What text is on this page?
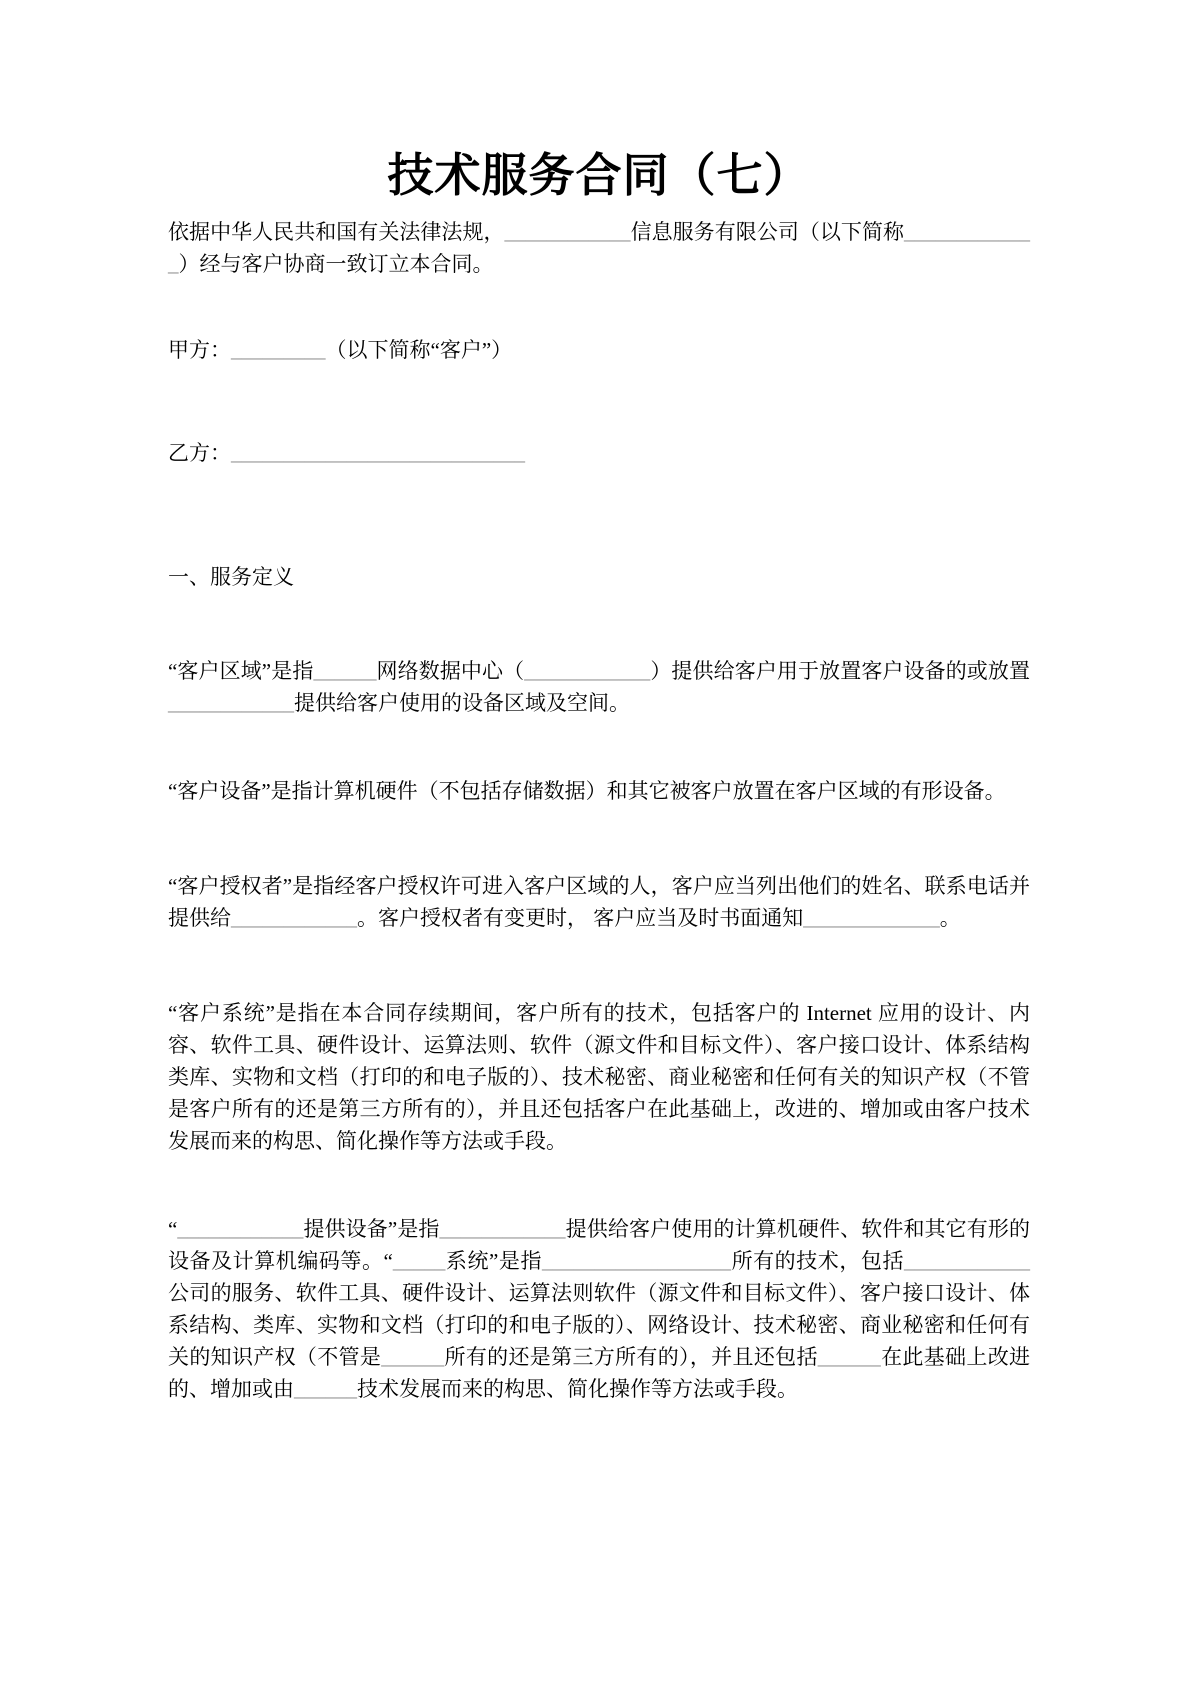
技术服务合同（七）

依据中华人民共和国有关法律法规，____________信息服务有限公司（以下简称_____________）经与客户协商一致订立本合同。

甲方：_________（以下简称“客户”）

乙方：____________________________

一、服务定义

“客户区域”是指______网络数据中心（____________）提供给客户用于放置客户设备的或放置____________提供给客户使用的设备区域及空间。

“客户设备”是指计算机硬件（不包括存储数据）和其它被客户放置在客户区域的有形设备。

“客户授权者”是指经客户授权许可进入客户区域的人，客户应当列出他们的姓名、联系电话并提供给____________。客户授权者有变更时， 客户应当及时书面通知_____________。

“客户系统”是指在本合同存续期间，客户所有的技术，包括客户的 Internet 应用的设计、内容、软件工具、硬件设计、运算法则、软件（源文件和目标文件）、客户接口设计、体系结构类库、实物和文档（打印的和电子版的）、技术秘密、商业秘密和任何有关的知识产权（不管是客户所有的还是第三方所有的），并且还包括客户在此基础上，改进的、增加或由客户技术发展而来的构思、简化操作等方法或手段。

“____________提供设备”是指____________提供给客户使用的计算机硬件、软件和其它有形的设备及计算机编码等。“_____系统”是指__________________所有的技术，包括____________公司的服务、软件工具、硬件设计、运算法则软件（源文件和目标文件）、客户接口设计、体系结构、类库、实物和文档（打印的和电子版的）、网络设计、技术秘密、商业秘密和任何有关的知识产权（不管是______所有的还是第三方所有的），并且还包括______在此基础上改进的、增加或由______技术发展而来的构思、简化操作等方法或手段。
